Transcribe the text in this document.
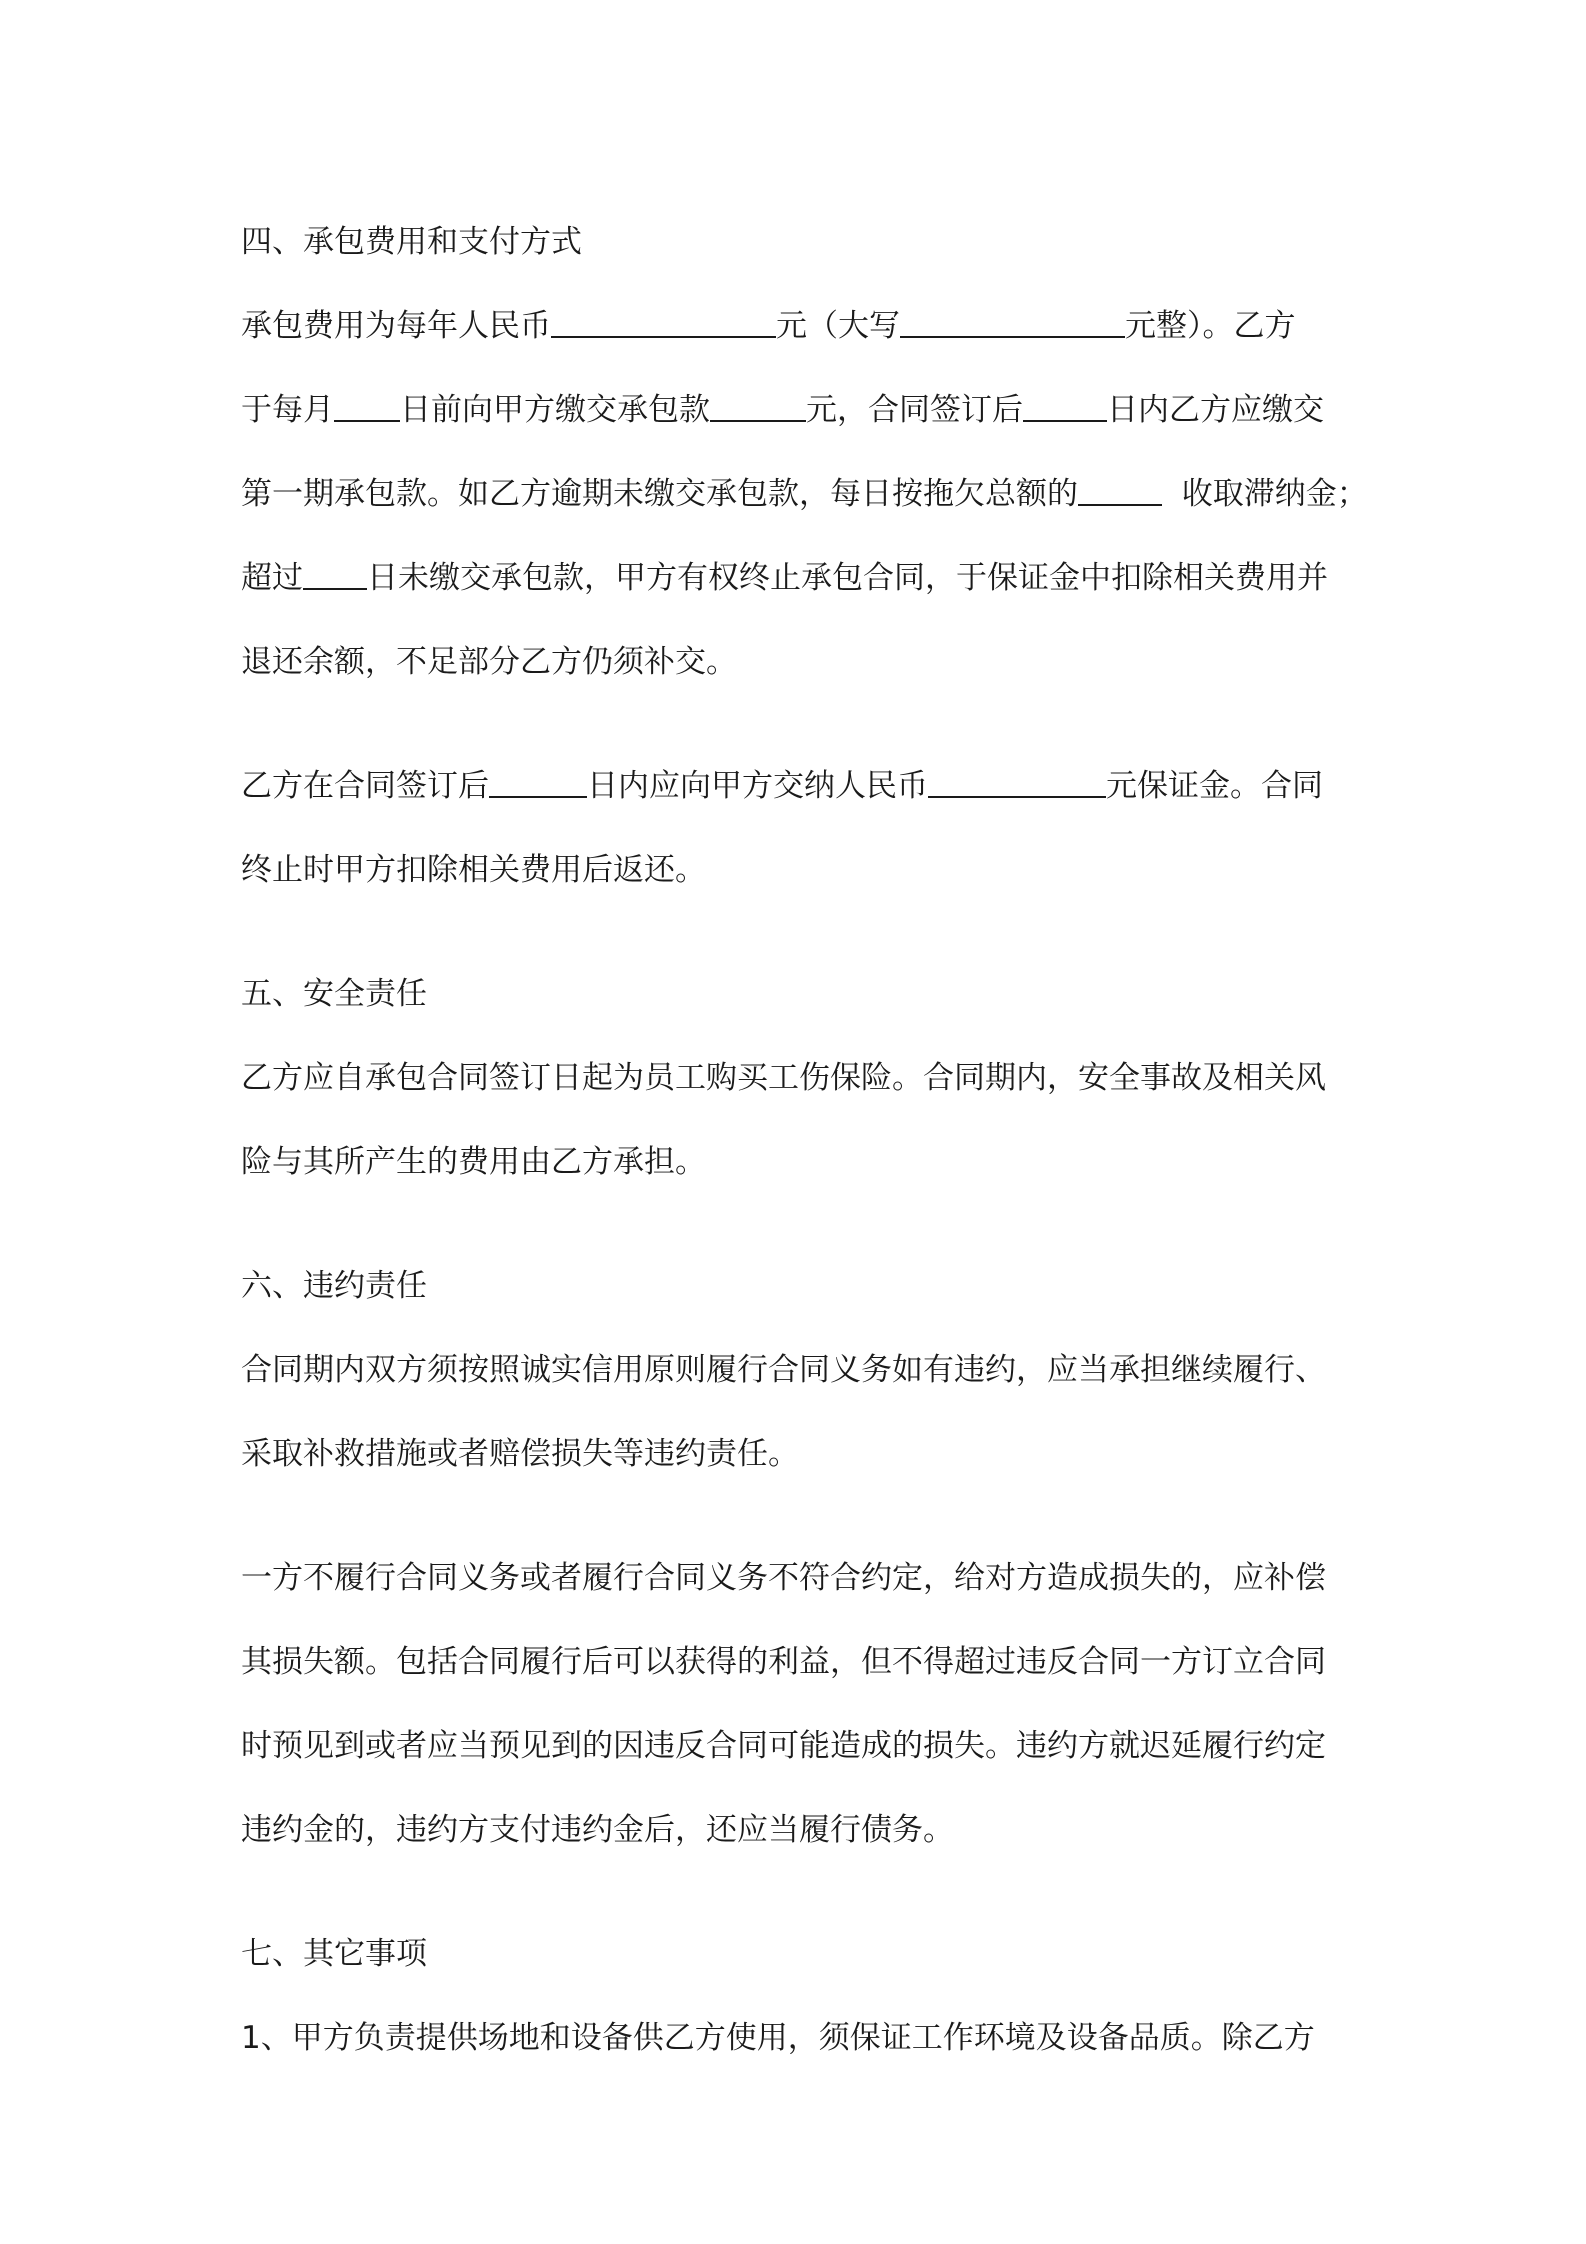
四、承包费用和支付方式

承包费用为每年人民币	元（大写	元整）。乙方

于每月 日前向甲方缴交承包款	元，合同签订后	日内乙方应缴交

第一期承包款。如乙方逾期未缴交承包款，每日按拖欠总额的	收取滞纳金；

超过 日未缴交承包款，甲方有权终止承包合同，于保证金中扣除相关费用并

退还余额，不足部分乙方仍须补交。

乙方在合同签订后	日内应向甲方交纳人民币	元保证金。合同

终止时甲方扣除相关费用后返还。

五、安全责任

乙方应自承包合同签订日起为员工购买工伤保险。合同期内，安全事故及相关风

险与其所产生的费用由乙方承担。

六、违约责任

合同期内双方须按照诚实信用原则履行合同义务如有违约，应当承担继续履行、

采取补救措施或者赔偿损失等违约责任。

一方不履行合同义务或者履行合同义务不符合约定，给对方造成损失的，应补偿

其损失额。包括合同履行后可以获得的利益，但不得超过违反合同一方订立合同

时预见到或者应当预见到的因违反合同可能造成的损失。违约方就迟延履行约定

违约金的，违约方支付违约金后，还应当履行债务。

七、其它事项

1、甲方负责提供场地和设备供乙方使用，须保证工作环境及设备品质。除乙方
